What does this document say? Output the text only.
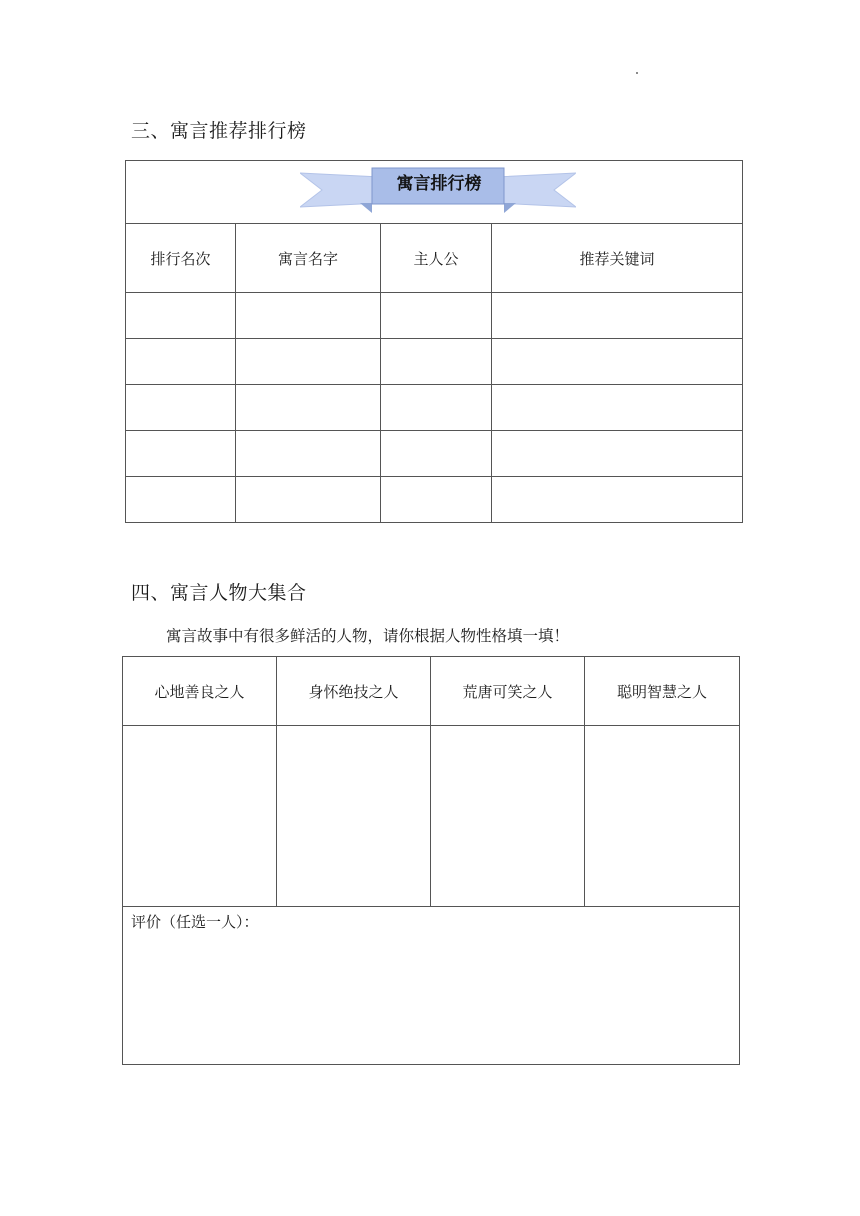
三、寓言推荐排行榜
寓言排行榜			

排行名次	寓言名字	主人公	推荐关键词

四、寓言人物大集合
寓言故事中有很多鲜活的人物，请你根据人物性格填一填！
心地善良之人	身怀绝技之人	荒唐可笑之人	聪明智慧之人

评价（任选一人）：			
